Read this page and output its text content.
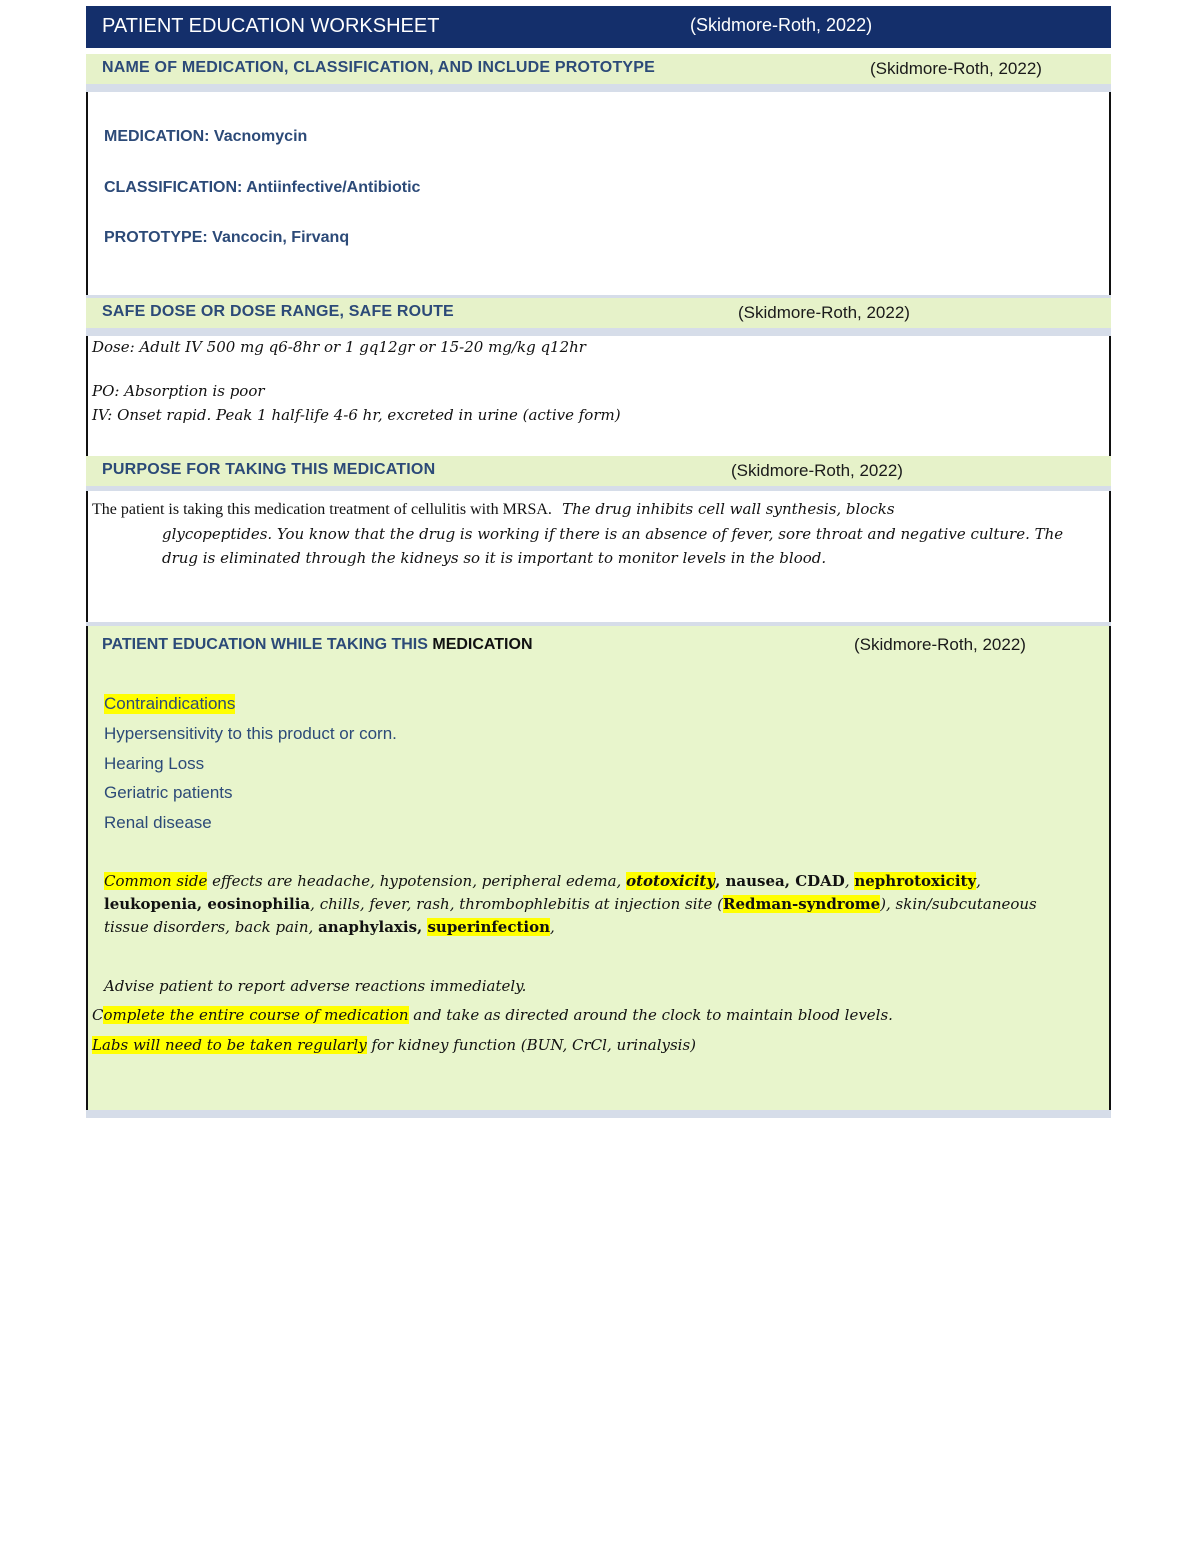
PATIENT EDUCATION WORKSHEET	(Skidmore-Roth, 2022)
NAME OF MEDICATION, CLASSIFICATION, AND INCLUDE PROTOTYPE	(Skidmore-Roth, 2022)
MEDICATION: Vacnomycin
CLASSIFICATION: Antiinfective/Antibiotic
PROTOTYPE: Vancocin, Firvanq
SAFE DOSE OR DOSE RANGE, SAFE ROUTE	(Skidmore-Roth, 2022)
Dose: Adult IV 500 mg q6-8hr or 1 gq12gr or 15-20 mg/kg q12hr
PO: Absorption is poor
IV: Onset rapid. Peak 1 half-life 4-6 hr, excreted in urine (active form)
PURPOSE FOR TAKING THIS MEDICATION	(Skidmore-Roth, 2022)
The patient is taking this medication treatment of cellulitis with MRSA. The drug inhibits cell wall synthesis, blocks
glycopeptides. You know that the drug is working if there is an absence of fever, sore throat and negative culture. The
drug is eliminated through the kidneys so it is important to monitor levels in the blood.
PATIENT EDUCATION WHILE TAKING THIS MEDICATION	(Skidmore-Roth, 2022)
Contraindications
Hypersensitivity to this product or corn.
Hearing Loss
Geriatric patients
Renal disease
Common side effects are headache, hypotension, peripheral edema, ototoxicity, nausea, CDAD, nephrotoxicity,
leukopenia, eosinophilia, chills, fever, rash, thrombophlebitis at injection site (Redman-syndrome), skin/subcutaneous
tissue disorders, back pain, anaphylaxis, superinfection,
Advise patient to report adverse reactions immediately.
Complete the entire course of medication and take as directed around the clock to maintain blood levels.
Labs will need to be taken regularly for kidney function (BUN, CrCl, urinalysis)
